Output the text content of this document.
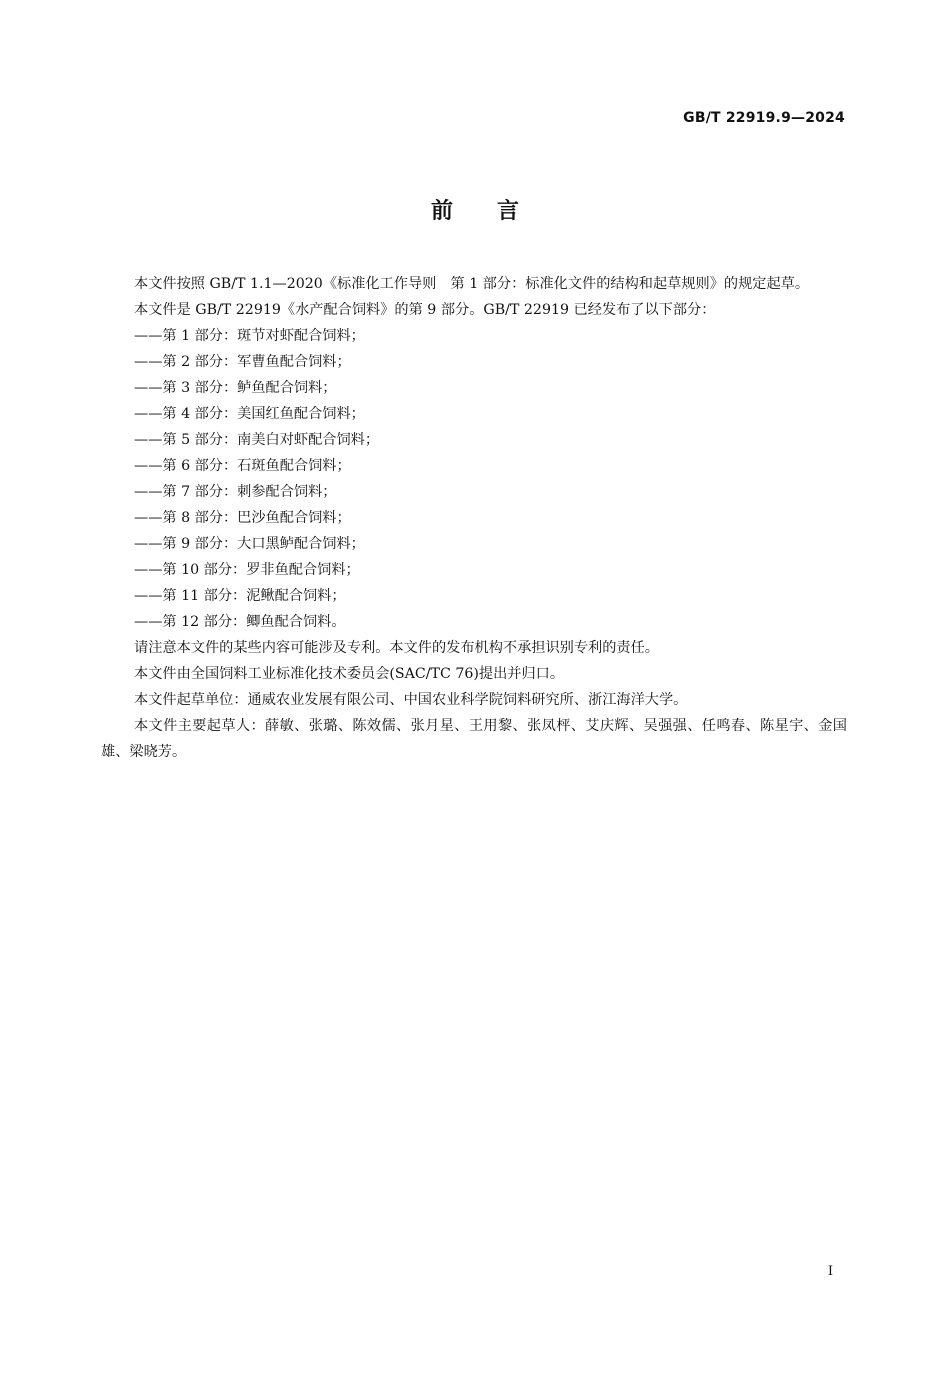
GB/T 22919.9—2024

前言

本文件按照 GB/T 1.1—2020《标准化工作导则　第 1 部分：标准化文件的结构和起草规则》的规定起草。

本文件是 GB/T 22919《水产配合饲料》的第 9 部分。GB/T 22919 已经发布了以下部分：

——第 1 部分：斑节对虾配合饲料；
——第 2 部分：军曹鱼配合饲料；
——第 3 部分：鲈鱼配合饲料；
——第 4 部分：美国红鱼配合饲料；
——第 5 部分：南美白对虾配合饲料；
——第 6 部分：石斑鱼配合饲料；
——第 7 部分：刺参配合饲料；
——第 8 部分：巴沙鱼配合饲料；
——第 9 部分：大口黑鲈配合饲料；
——第 10 部分：罗非鱼配合饲料；
——第 11 部分：泥鳅配合饲料；
——第 12 部分：鲫鱼配合饲料。

请注意本文件的某些内容可能涉及专利。本文件的发布机构不承担识别专利的责任。

本文件由全国饲料工业标准化技术委员会(SAC/TC 76)提出并归口。

本文件起草单位：通威农业发展有限公司、中国农业科学院饲料研究所、浙江海洋大学。

本文件主要起草人：薛敏、张璐、陈效儒、张月星、王用黎、张凤枰、艾庆辉、吴强强、任鸣春、陈星宇、金国雄、梁晓芳。

I
